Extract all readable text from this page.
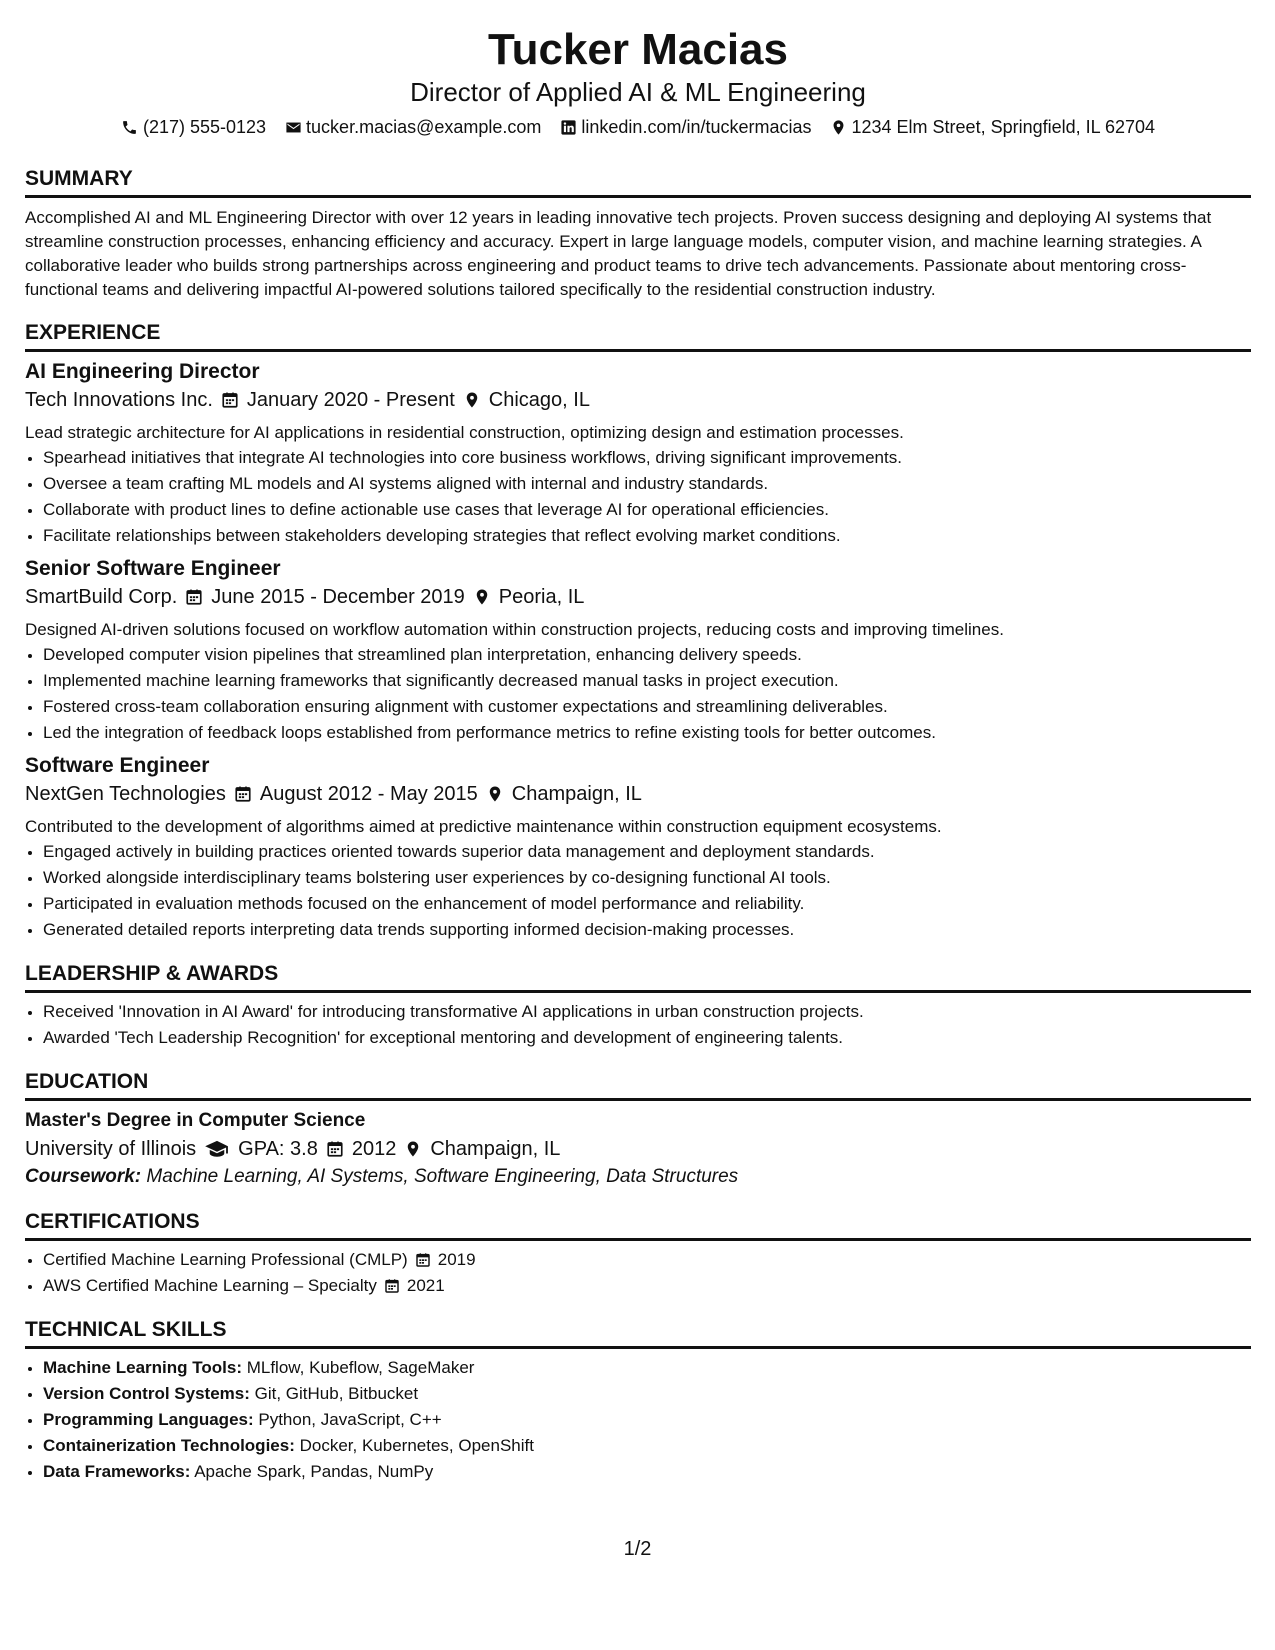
Tucker Macias
Director of Applied AI & ML Engineering
(217) 555-0123 tucker.macias@example.com linkedin.com/in/tuckermacias 1234 Elm Street, Springfield, IL 62704
SUMMARY
Accomplished AI and ML Engineering Director with over 12 years in leading innovative tech projects. Proven success designing and deploying AI systems that streamline construction processes, enhancing efficiency and accuracy. Expert in large language models, computer vision, and machine learning strategies. A collaborative leader who builds strong partnerships across engineering and product teams to drive tech advancements. Passionate about mentoring cross-functional teams and delivering impactful AI-powered solutions tailored specifically to the residential construction industry.
EXPERIENCE
AI Engineering Director
Tech Innovations Inc. January 2020 - Present Chicago, IL
Lead strategic architecture for AI applications in residential construction, optimizing design and estimation processes.
• Spearhead initiatives that integrate AI technologies into core business workflows, driving significant improvements.
• Oversee a team crafting ML models and AI systems aligned with internal and industry standards.
• Collaborate with product lines to define actionable use cases that leverage AI for operational efficiencies.
• Facilitate relationships between stakeholders developing strategies that reflect evolving market conditions.
Senior Software Engineer
SmartBuild Corp. June 2015 - December 2019 Peoria, IL
Designed AI-driven solutions focused on workflow automation within construction projects, reducing costs and improving timelines.
• Developed computer vision pipelines that streamlined plan interpretation, enhancing delivery speeds.
• Implemented machine learning frameworks that significantly decreased manual tasks in project execution.
• Fostered cross-team collaboration ensuring alignment with customer expectations and streamlining deliverables.
• Led the integration of feedback loops established from performance metrics to refine existing tools for better outcomes.
Software Engineer
NextGen Technologies August 2012 - May 2015 Champaign, IL
Contributed to the development of algorithms aimed at predictive maintenance within construction equipment ecosystems.
• Engaged actively in building practices oriented towards superior data management and deployment standards.
• Worked alongside interdisciplinary teams bolstering user experiences by co-designing functional AI tools.
• Participated in evaluation methods focused on the enhancement of model performance and reliability.
• Generated detailed reports interpreting data trends supporting informed decision-making processes.
LEADERSHIP & AWARDS
• Received 'Innovation in AI Award' for introducing transformative AI applications in urban construction projects.
• Awarded 'Tech Leadership Recognition' for exceptional mentoring and development of engineering talents.
EDUCATION
Master's Degree in Computer Science
University of Illinois GPA: 3.8 2012 Champaign, IL
Coursework: Machine Learning, AI Systems, Software Engineering, Data Structures
CERTIFICATIONS
• Certified Machine Learning Professional (CMLP) 2019
• AWS Certified Machine Learning – Specialty 2021
TECHNICAL SKILLS
• Machine Learning Tools: MLflow, Kubeflow, SageMaker
• Version Control Systems: Git, GitHub, Bitbucket
• Programming Languages: Python, JavaScript, C++
• Containerization Technologies: Docker, Kubernetes, OpenShift
• Data Frameworks: Apache Spark, Pandas, NumPy
1/2
